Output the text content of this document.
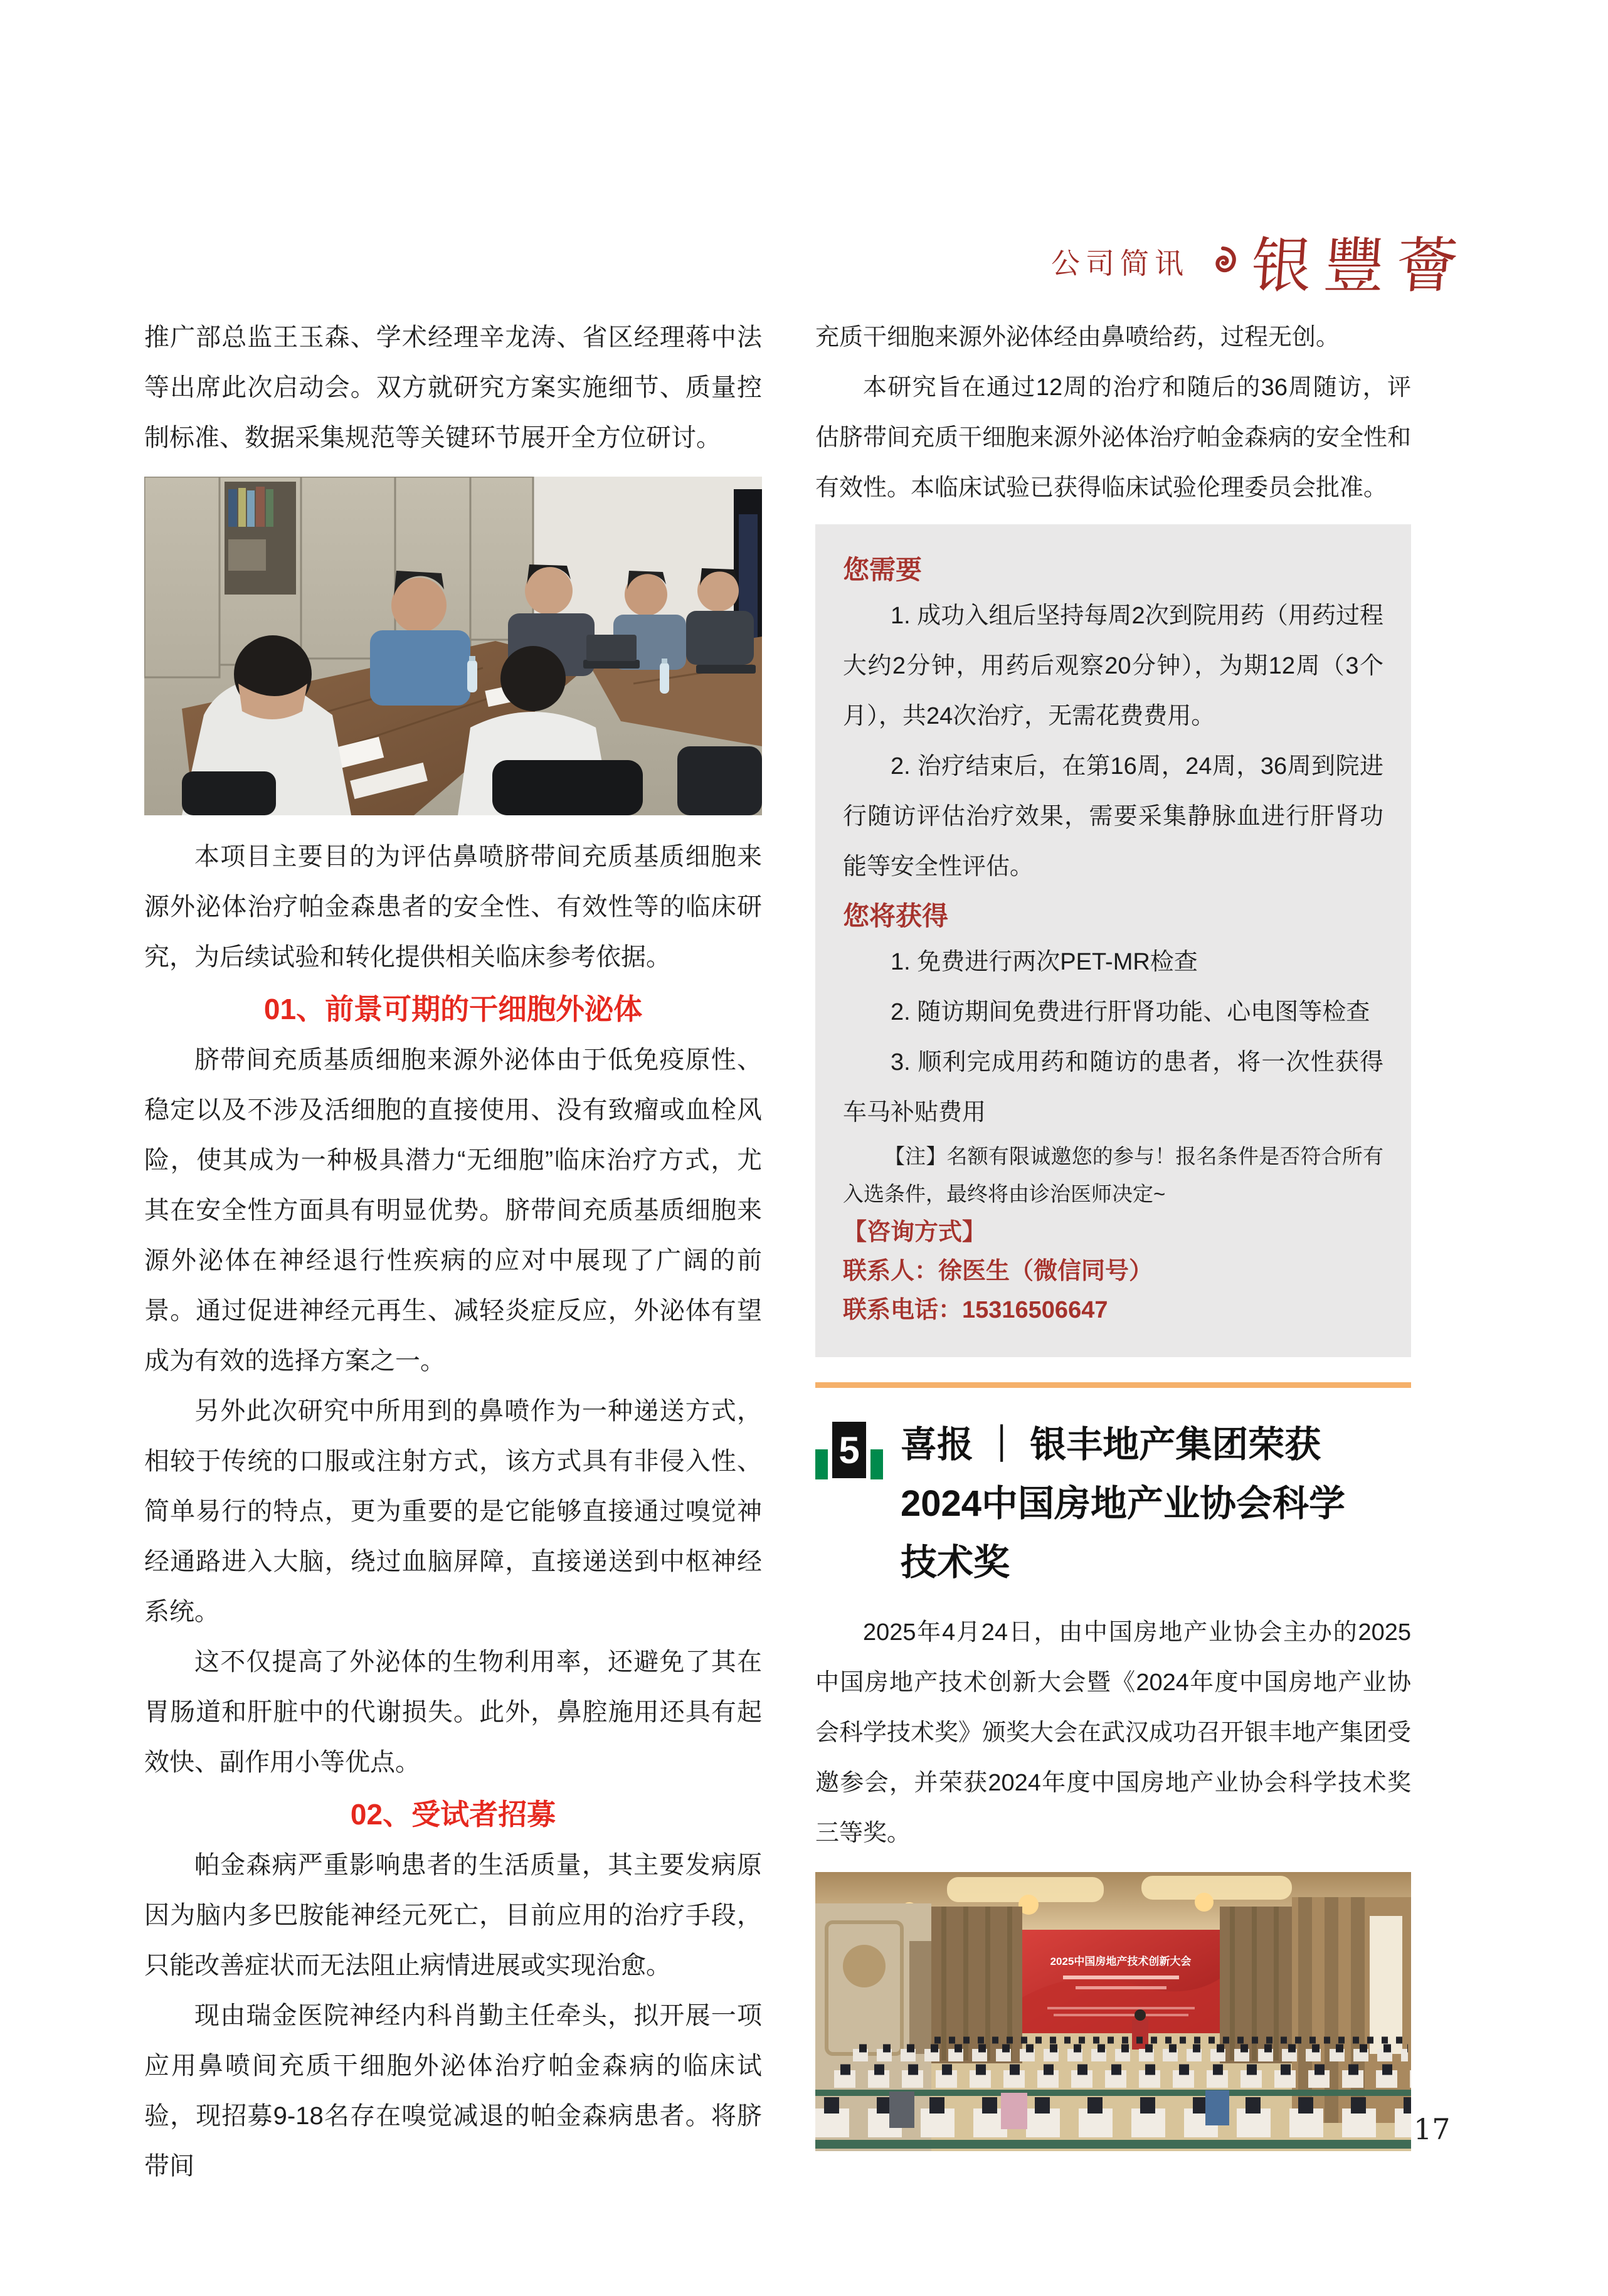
公司简讯 银豐薈

推广部总监王玉森、学术经理辛龙涛、省区经理蒋中法等出席此次启动会。双方就研究方案实施细节、质量控制标准、数据采集规范等关键环节展开全方位研讨。

本项目主要目的为评估鼻喷脐带间充质基质细胞来源外泌体治疗帕金森患者的安全性、有效性等的临床研究，为后续试验和转化提供相关临床参考依据。

01、前景可期的干细胞外泌体

脐带间充质基质细胞来源外泌体由于低免疫原性、稳定以及不涉及活细胞的直接使用、没有致瘤或血栓风险，使其成为一种极具潜力“无细胞”临床治疗方式，尤其在安全性方面具有明显优势。脐带间充质基质细胞来源外泌体在神经退行性疾病的应对中展现了广阔的前景。通过促进神经元再生、减轻炎症反应，外泌体有望成为有效的选择方案之一。

另外此次研究中所用到的鼻喷作为一种递送方式，相较于传统的口服或注射方式，该方式具有非侵入性、简单易行的特点，更为重要的是它能够直接通过嗅觉神经通路进入大脑，绕过血脑屏障，直接递送到中枢神经系统。

这不仅提高了外泌体的生物利用率，还避免了其在胃肠道和肝脏中的代谢损失。此外，鼻腔施用还具有起效快、副作用小等优点。

02、受试者招募

帕金森病严重影响患者的生活质量，其主要发病原因为脑内多巴胺能神经元死亡，目前应用的治疗手段，只能改善症状而无法阻止病情进展或实现治愈。

现由瑞金医院神经内科肖勤主任牵头，拟开展一项应用鼻喷间充质干细胞外泌体治疗帕金森病的临床试验，现招募9-18名存在嗅觉减退的帕金森病患者。将脐带间

充质干细胞来源外泌体经由鼻喷给药，过程无创。

本研究旨在通过12周的治疗和随后的36周随访，评估脐带间充质干细胞来源外泌体治疗帕金森病的安全性和有效性。本临床试验已获得临床试验伦理委员会批准。

您需要

1. 成功入组后坚持每周2次到院用药（用药过程大约2分钟，用药后观察20分钟），为期12周（3个月），共24次治疗，无需花费费用。

2. 治疗结束后，在第16周，24周，36周到院进行随访评估治疗效果，需要采集静脉血进行肝肾功能等安全性评估。

您将获得

1. 免费进行两次PET-MR检查

2. 随访期间免费进行肝肾功能、心电图等检查

3. 顺利完成用药和随访的患者，将一次性获得车马补贴费用

【注】名额有限诚邀您的参与！报名条件是否符合所有入选条件，最终将由诊治医师决定~

【咨询方式】

联系人：徐医生（微信同号）

联系电话：15316506647

5 喜报 ｜ 银丰地产集团荣获
2024中国房地产业协会科学
技术奖

2025年4月24日，由中国房地产业协会主办的2025中国房地产技术创新大会暨《2024年度中国房地产业协会科学技术奖》颁奖大会在武汉成功召开银丰地产集团受邀参会，并荣获2024年度中国房地产业协会科学技术奖三等奖。

2025中国房地产技术创新大会
17
